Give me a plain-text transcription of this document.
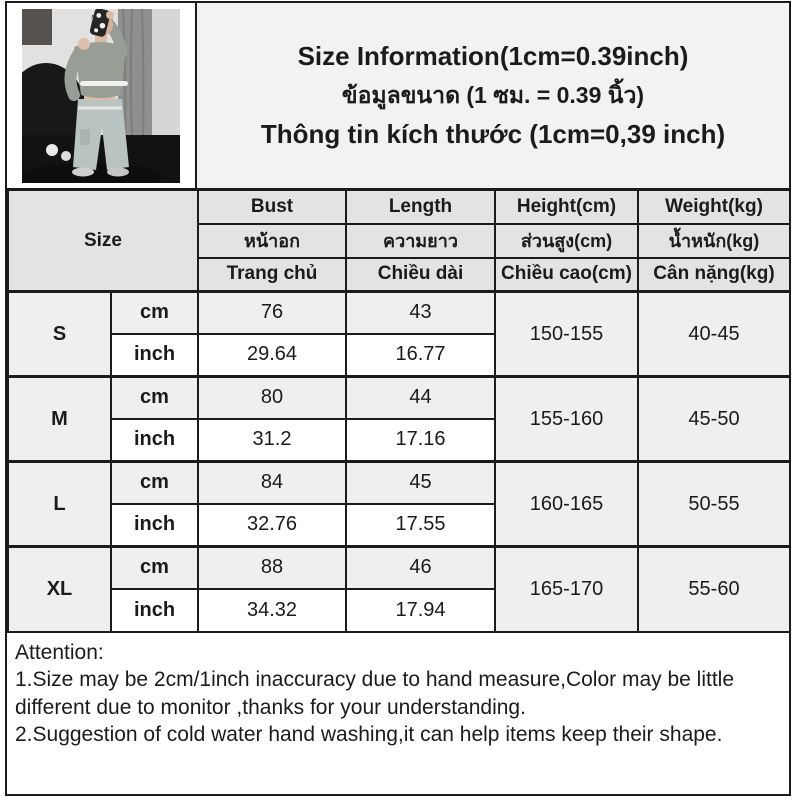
Size Information(1cm=0.39inch)
ข้อมูลขนาด (1 ซม. = 0.39 นิ้ว)
Thông tin kích thước (1cm=0,39 inch)
Size		Bust	Length	Height(cm)	Weight(kg)
		หน้าอก	ความยาว	ส่วนสูง(cm)	น้ำหนัก(kg)
		Trang chủ	Chiều dài	Chiều cao(cm)	Cân nặng(kg)
S	cm	76	43	150-155	40-45
	inch	29.64	16.77		
M	cm	80	44	155-160	45-50
	inch	31.2	17.16		
L	cm	84	45	160-165	50-55
	inch	32.76	17.55		
XL	cm	88	46	165-170	55-60
	inch	34.32	17.94		
Attention:
1.Size may be 2cm/1inch inaccuracy due to hand measure,Color may be little different due to monitor ,thanks for your understanding.
2.Suggestion of cold water hand washing,it can help items keep their shape.
